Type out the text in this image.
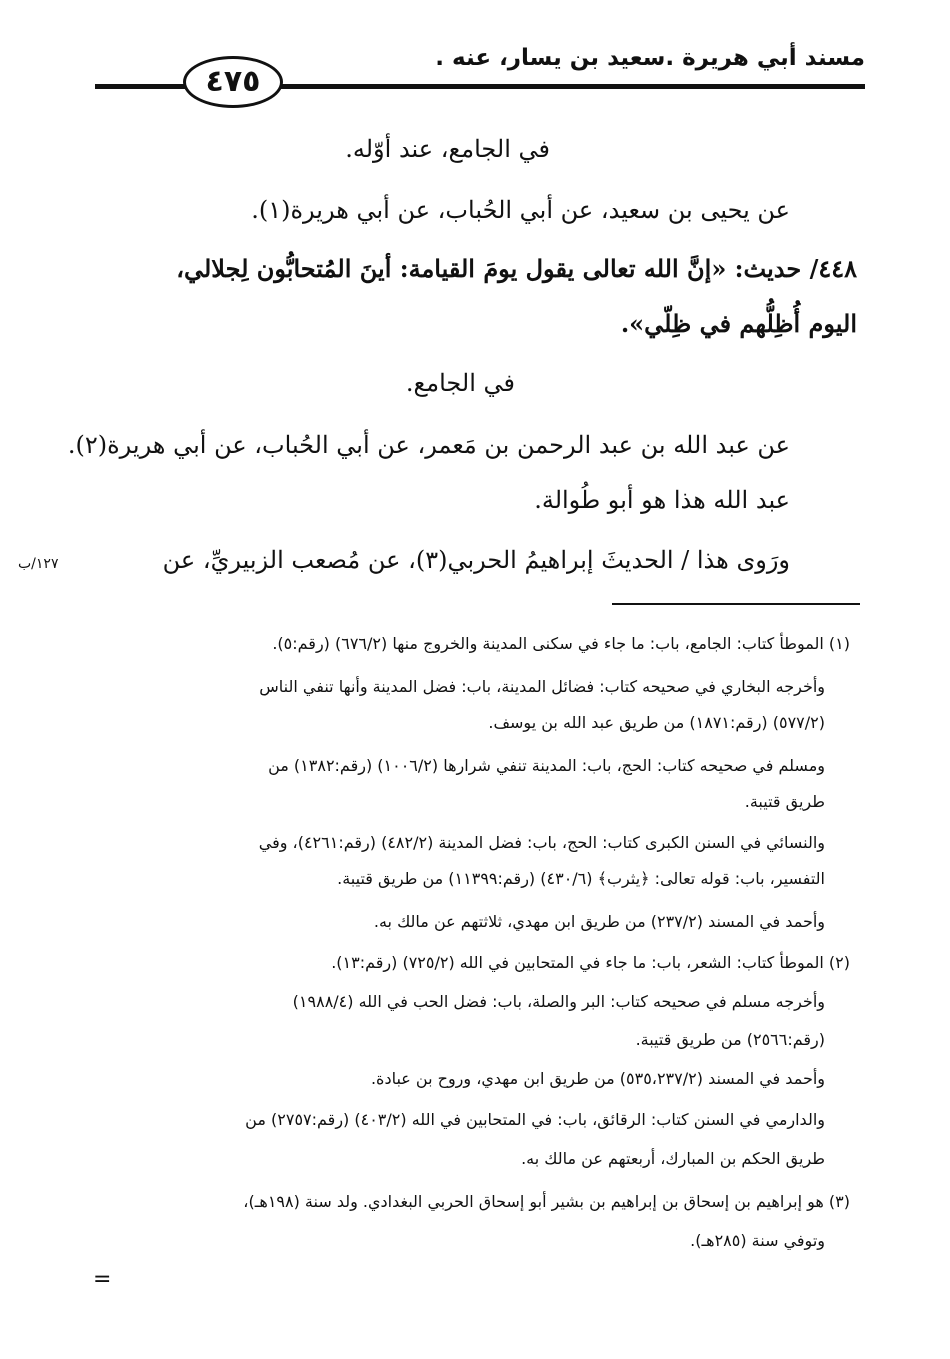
مسند أبي هريرة .سعيد بن يسار، عنه .
٤٧٥
في الجامع، عند أوّله.
عن يحيى بن سعيد، عن أبي الحُباب، عن أبي هريرة(١).
٤٤٨/ حديث: «إنَّ الله تعالى يقول يومَ القيامة: أينَ المُتحابُّون لِجلالي،
اليوم أُظِلُّهم في ظِلّي».
في الجامع.
عن عبد الله بن عبد الرحمن بن مَعمر، عن أبي الحُباب، عن أبي هريرة(٢).
عبد الله هذا هو أبو طُوالة.
ورَوى هذا / الحديثَ إبراهيمُ الحربي(٣)، عن مُصعب الزبيريِّ، عن
١٢٧/ب
(١) الموطأ كتاب: الجامع، باب: ما جاء في سكنى المدينة والخروج منها (٦٧٦/٢) (رقم:٥).
وأخرجه البخاري في صحيحه كتاب: فضائل المدينة، باب: فضل المدينة وأنها تنفي الناس
(٥٧٧/٢) (رقم:١٨٧١) من طريق عبد الله بن يوسف.
ومسلم في صحيحه كتاب: الحج، باب: المدينة تنفي شرارها (١٠٠٦/٢) (رقم:١٣٨٢) من
طريق قتيبة.
والنسائي في السنن الكبرى كتاب: الحج، باب: فضل المدينة (٤٨٢/٢) (رقم:٤٢٦١)، وفي
التفسير، باب: قوله تعالى: ﴿يثرب﴾ (٤٣٠/٦) (رقم:١١٣٩٩) من طريق قتيبة.
وأحمد في المسند (٢٣٧/٢) من طريق ابن مهدي، ثلاثتهم عن مالك به.
(٢) الموطأ كتاب: الشعر، باب: ما جاء في المتحابين في الله (٧٢٥/٢) (رقم:١٣).
وأخرجه مسلم في صحيحه كتاب: البر والصلة، باب: فضل الحب في الله (١٩٨٨/٤)
(رقم:٢٥٦٦) من طريق قتيبة.
وأحمد في المسند (٥٣٥،٢٣٧/٢) من طريق ابن مهدي، وروح بن عبادة.
والدارمي في السنن كتاب: الرقائق، باب: في المتحابين في الله (٤٠٣/٢) (رقم:٢٧٥٧) من
طريق الحكم بن المبارك، أربعتهم عن مالك به.
(٣) هو إبراهيم بن إسحاق بن إبراهيم بن بشير أبو إسحاق الحربي البغدادي. ولد سنة (١٩٨هـ)،
وتوفي سنة (٢٨٥هـ).
=
